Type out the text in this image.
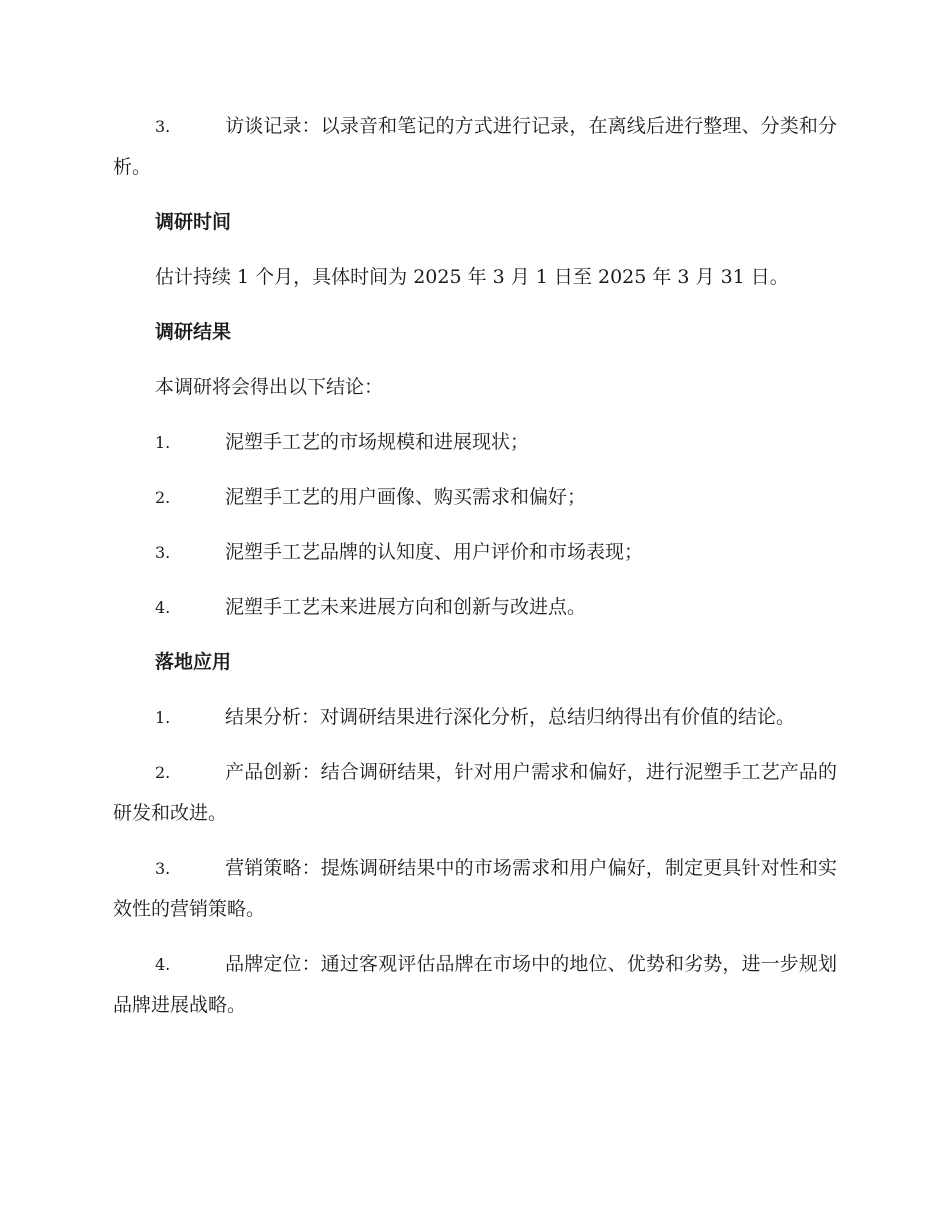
3.	访谈记录：以录音和笔记的方式进行记录，在离线后进行整理、分类和分析。

调研时间

估计持续 1 个月，具体时间为 2025 年 3 月 1 日至 2025 年 3 月 31 日。

调研结果

本调研将会得出以下结论：

1.	泥塑手工艺的市场规模和进展现状；

2.	泥塑手工艺的用户画像、购买需求和偏好；

3.	泥塑手工艺品牌的认知度、用户评价和市场表现；

4.	泥塑手工艺未来进展方向和创新与改进点。

落地应用

1.	结果分析：对调研结果进行深化分析，总结归纳得出有价值的结论。

2.	产品创新：结合调研结果，针对用户需求和偏好，进行泥塑手工艺产品的研发和改进。

3.	营销策略：提炼调研结果中的市场需求和用户偏好，制定更具针对性和实效性的营销策略。

4.	品牌定位：通过客观评估品牌在市场中的地位、优势和劣势，进一步规划品牌进展战略。
